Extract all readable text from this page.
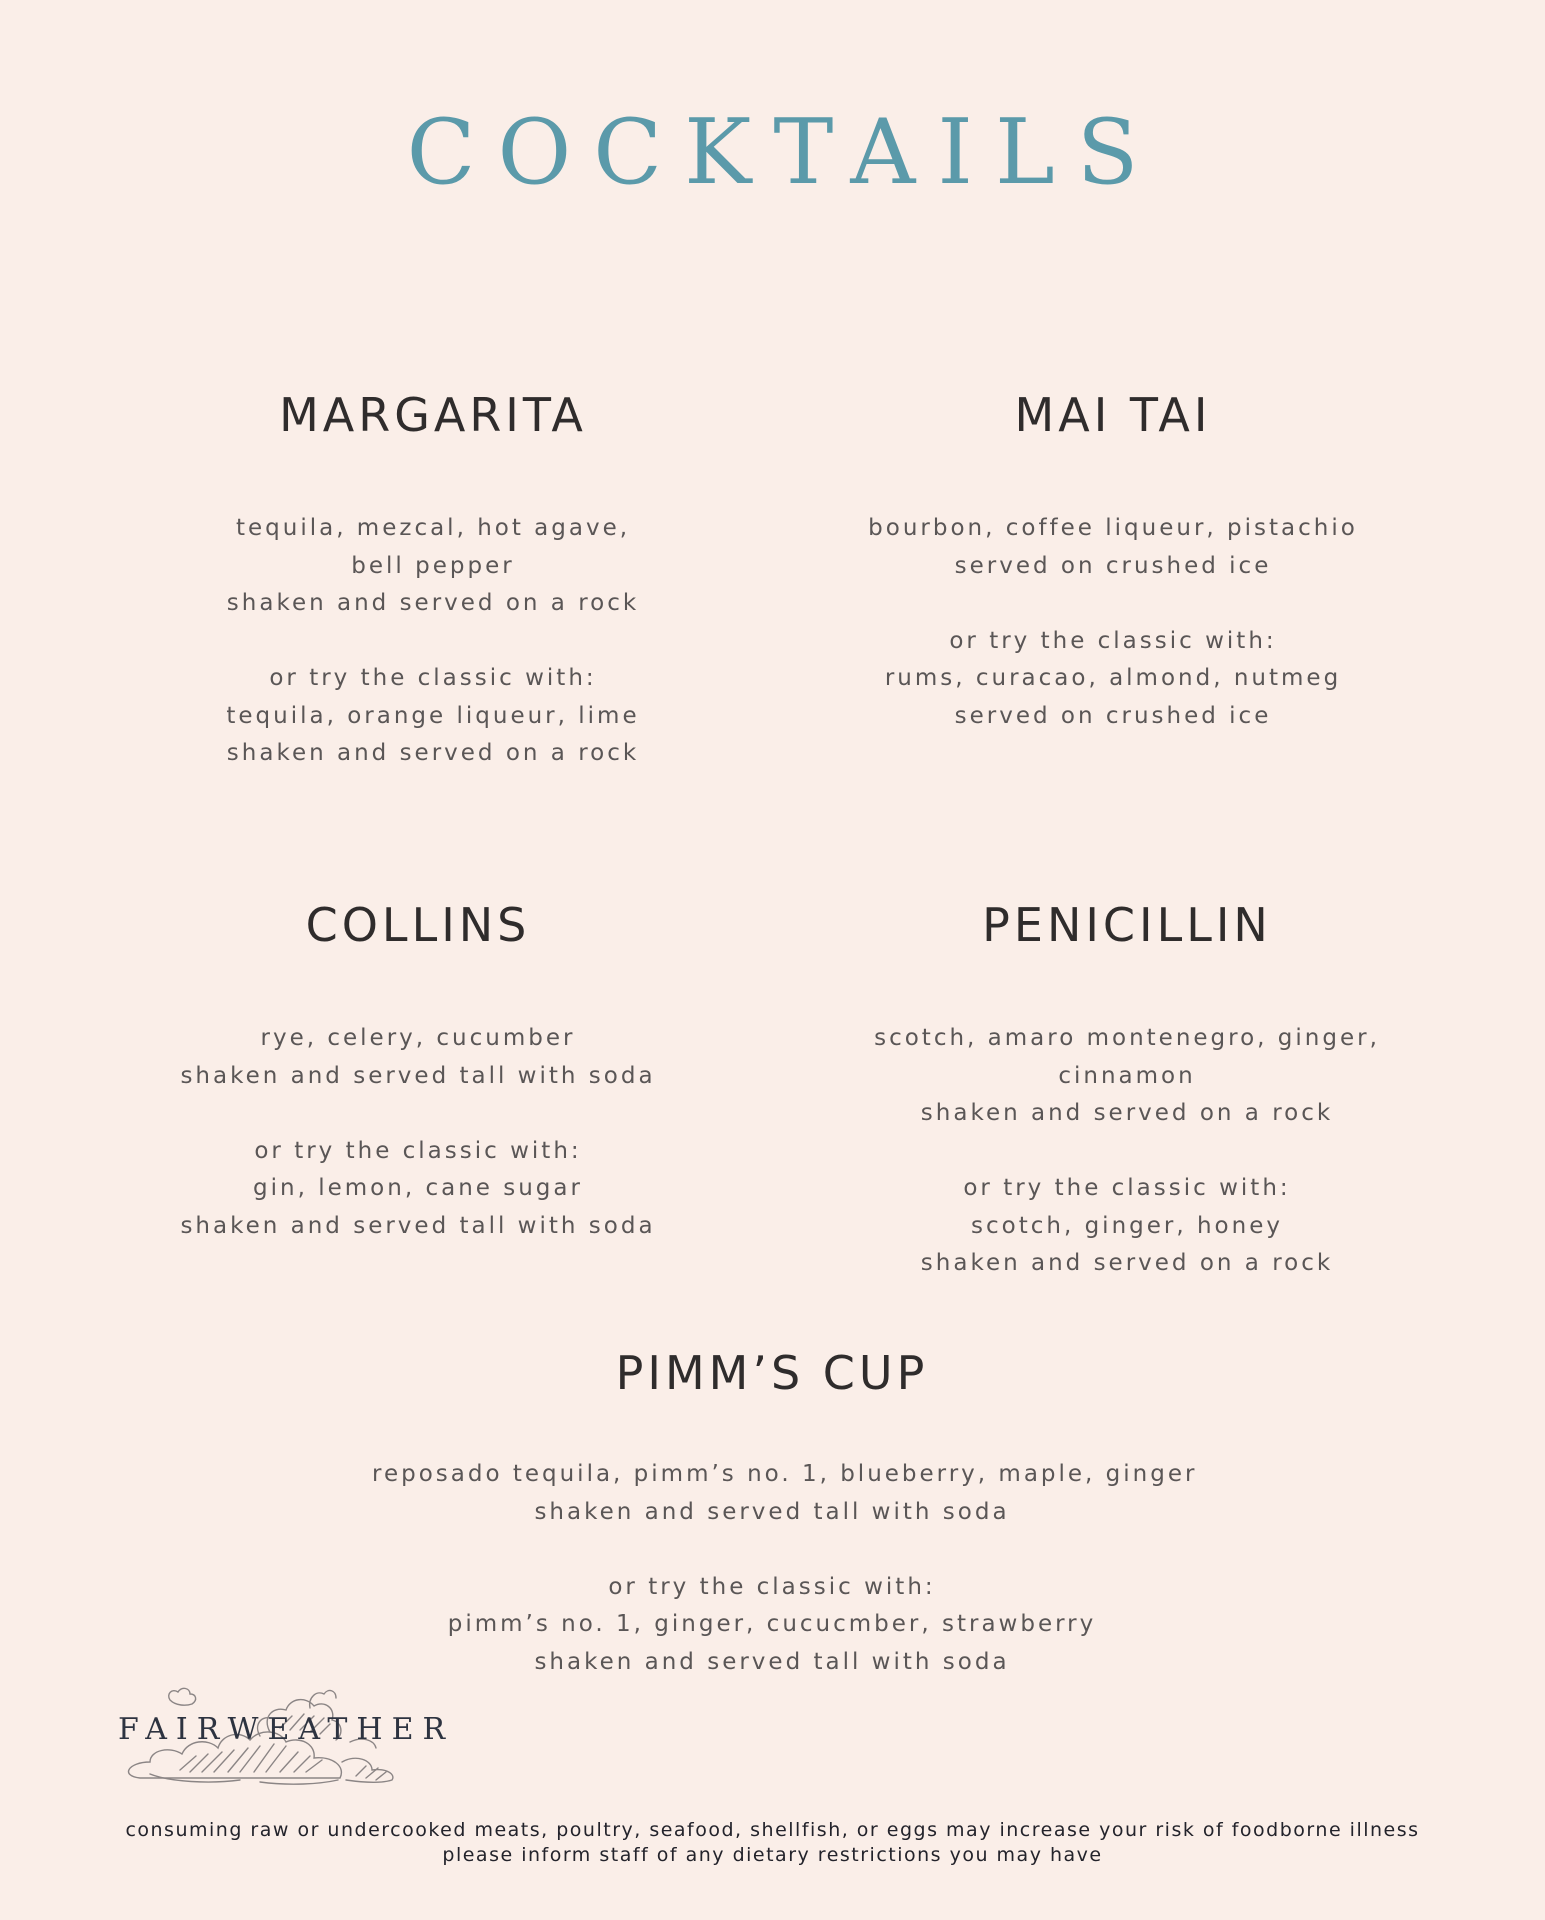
COCKTAILS
MARGARITA
tequila, mezcal, hot agave,
bell pepper
shaken and served on a rock
or try the classic with:
tequila, orange liqueur, lime
shaken and served on a rock
MAI TAI
bourbon, coffee liqueur, pistachio
served on crushed ice
or try the classic with:
rums, curacao, almond, nutmeg
served on crushed ice
COLLINS
rye, celery, cucumber
shaken and served tall with soda
or try the classic with:
gin, lemon, cane sugar
shaken and served tall with soda
PENICILLIN
scotch, amaro montenegro, ginger,
cinnamon
shaken and served on a rock
or try the classic with:
scotch, ginger, honey
shaken and served on a rock
PIMM’S CUP
reposado tequila, pimm’s no. 1, blueberry, maple, ginger
shaken and served tall with soda
or try the classic with:
pimm’s no. 1, ginger, cucucmber, strawberry
shaken and served tall with soda
FAIRWEATHER
consuming raw or undercooked meats, poultry, seafood, shellfish, or eggs may increase your risk of foodborne illness
please inform staff of any dietary restrictions you may have
